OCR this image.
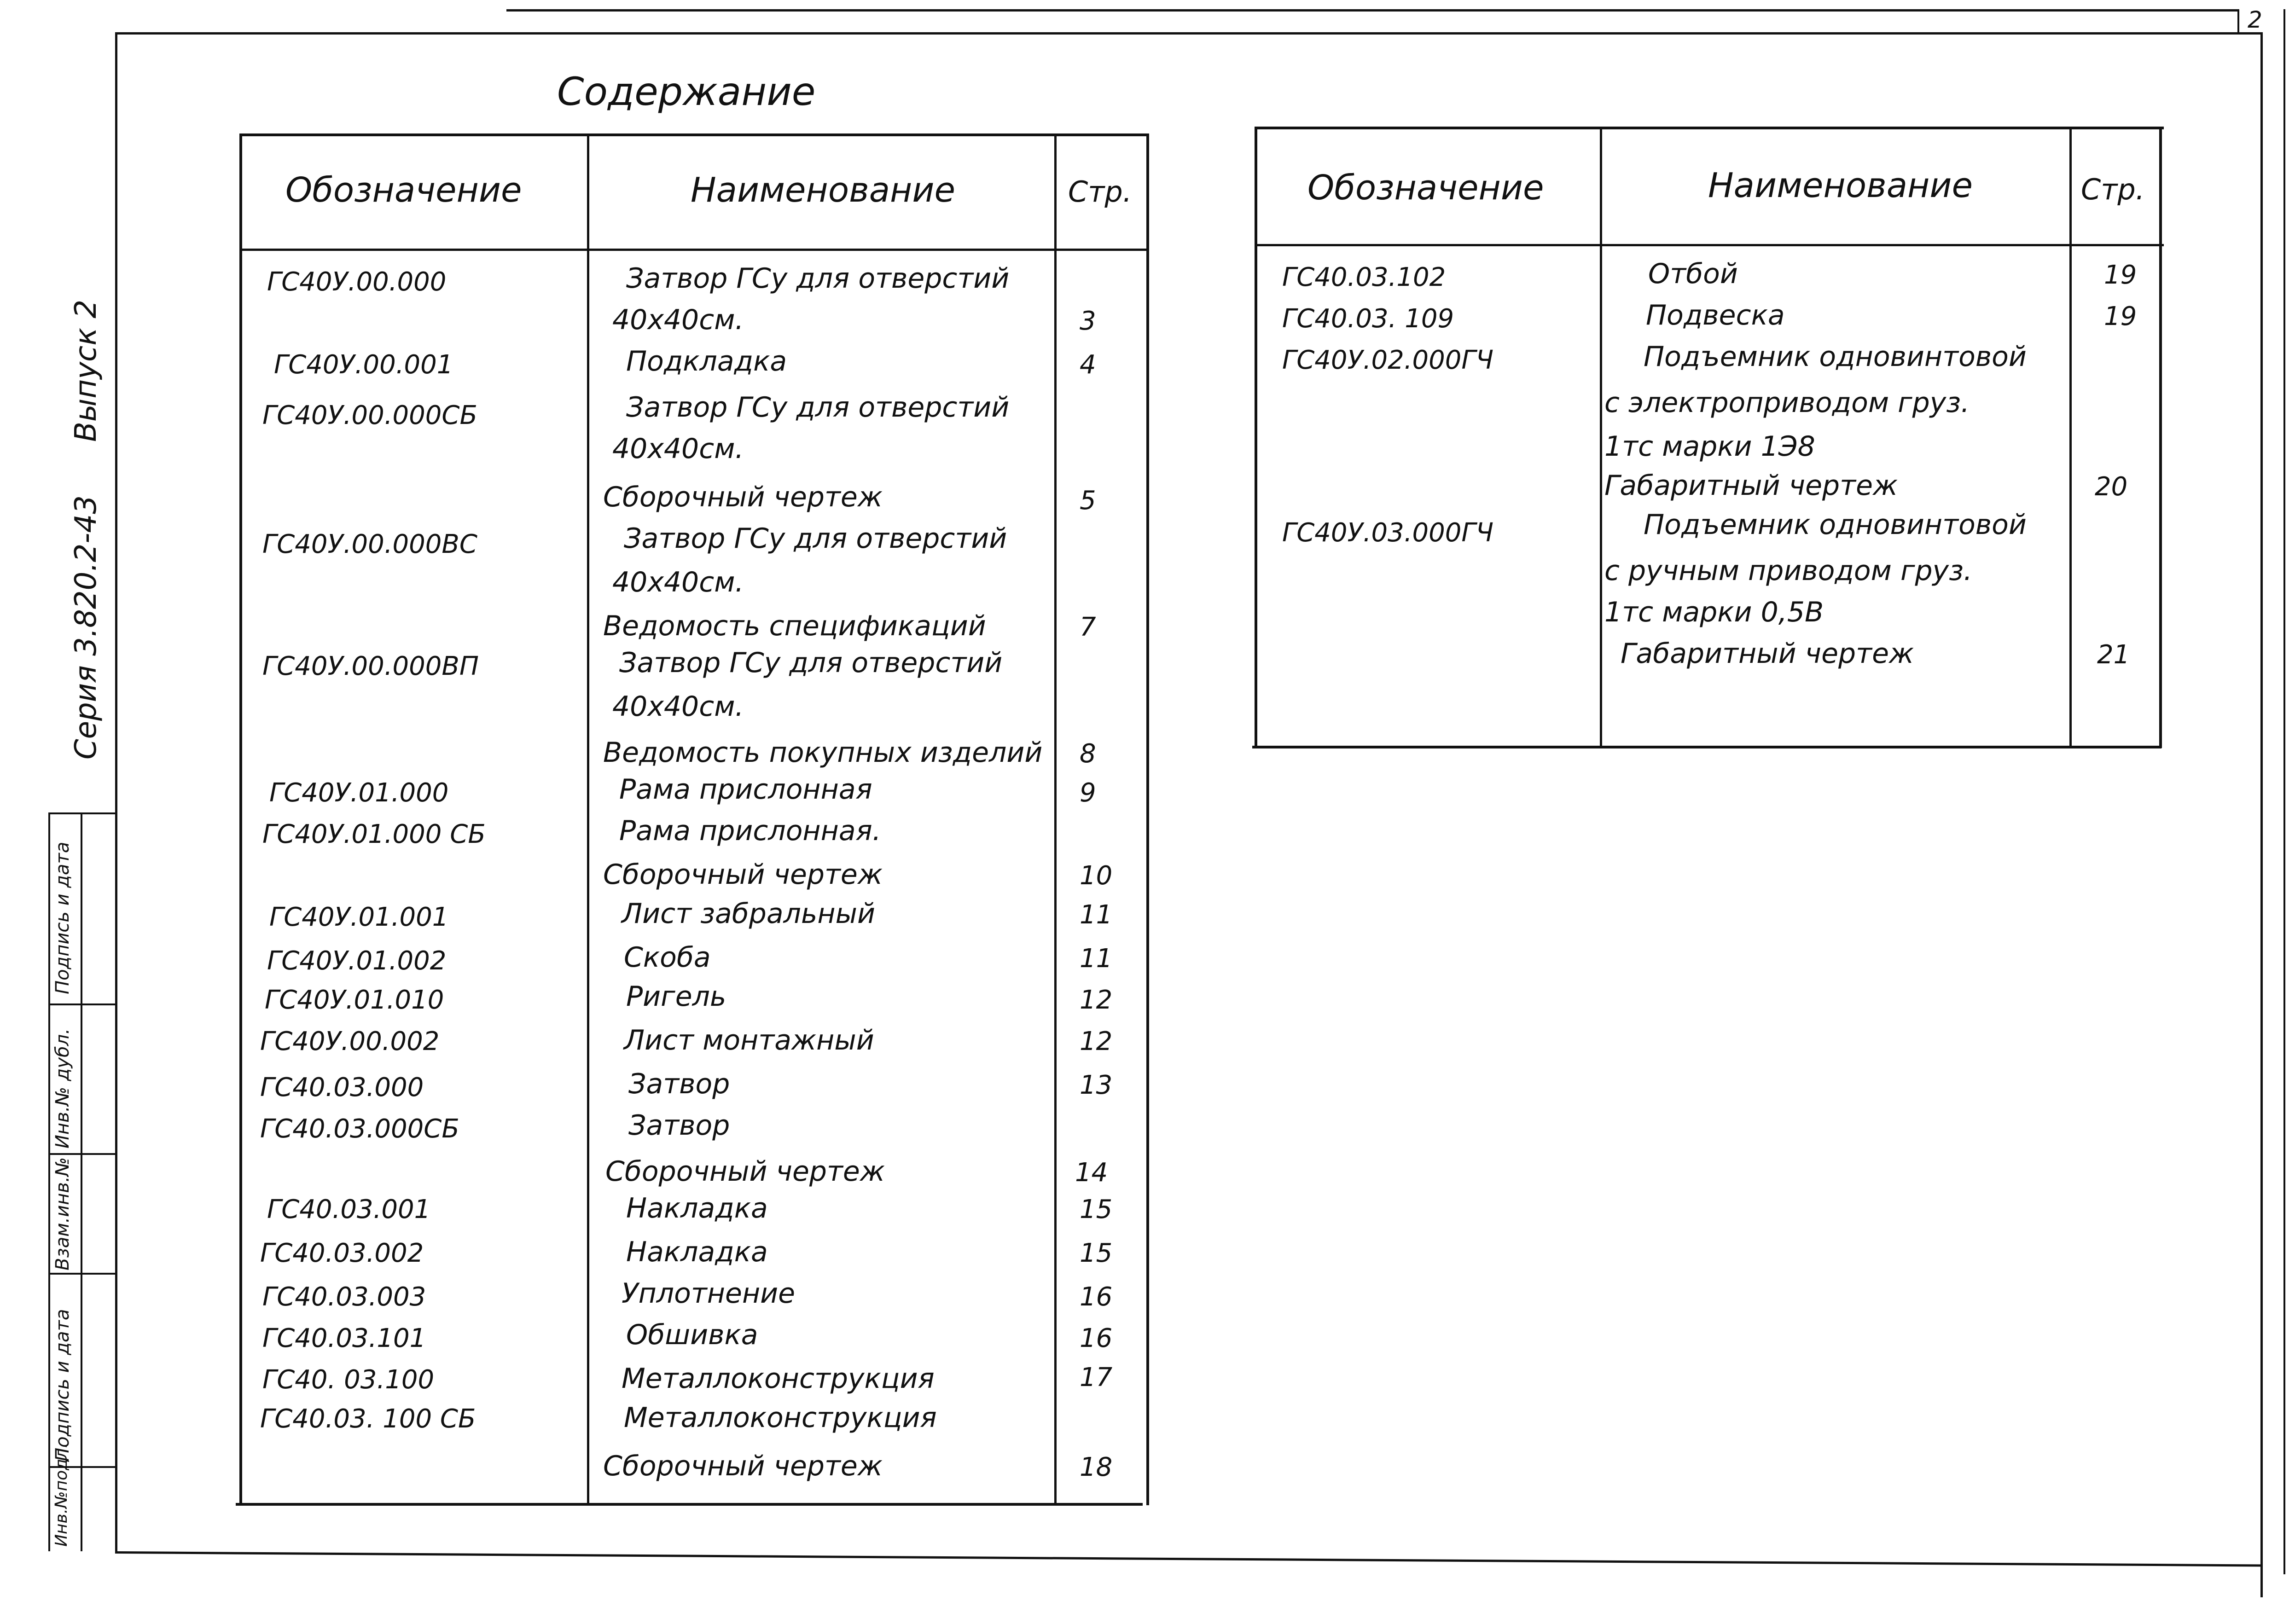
2
Выпуск 2
Серия 3.820.2-43
Подпись и дата
Инв.№ дубл.
Взам.инв.№
Подпись и дата
Инв.№подл.
Содержание
Обозначение	Наименование	Стр.
ГС40У.00.000	Затвор ГСу для отверстий
40х40см.	3
ГС40У.00.001	Подкладка	4
ГС40У.00.000СБ	Затвор ГСу для отверстий
40х40см.
Сборочный чертеж	5
ГС40У.00.000ВС	Затвор ГСу для отверстий
40х40см.
Ведомость спецификаций	7
ГС40У.00.000ВП	Затвор ГСу для отверстий
40х40см.
Ведомость покупных изделий 8
ГС40У.01.000	Рама прислонная	9
ГС40У.01.000 СБ	Рама прислонная.
Сборочный чертеж	10
ГС40У.01.001	Лист забральный	11
ГС40У.01.002	Скоба	11
ГС40У.01.010	Ригель	12
ГС40У.00.002	Лист монтажный	12
ГС40.03.000	Затвор	13
ГС40.03.000СБ	Затвор
Сборочный чертеж	14
ГС40.03.001	Накладка	15
ГС40.03.002	Накладка	15
ГС40.03.003	Уплотнение	16
ГС40.03.101	Обшивка	16
ГС40. 03.100	Металлоконструкция	17
ГС40.03. 100 СБ	Металлоконструкция
Сборочный чертеж	18
Обозначение	Наименование	Стр.
ГС40.03.102	Отбой	19
ГС40.03. 109	Подвеска	19
ГС40У.02.000ГЧ	Подъемник одновинтовой
с электроприводом груз.
1тс марки 1Э8
Габаритный чертеж	20
ГС40У.03.000ГЧ	Подъемник одновинтовой
с ручным приводом груз.
1тс марки 0,5В
Габаритный чертеж	21
